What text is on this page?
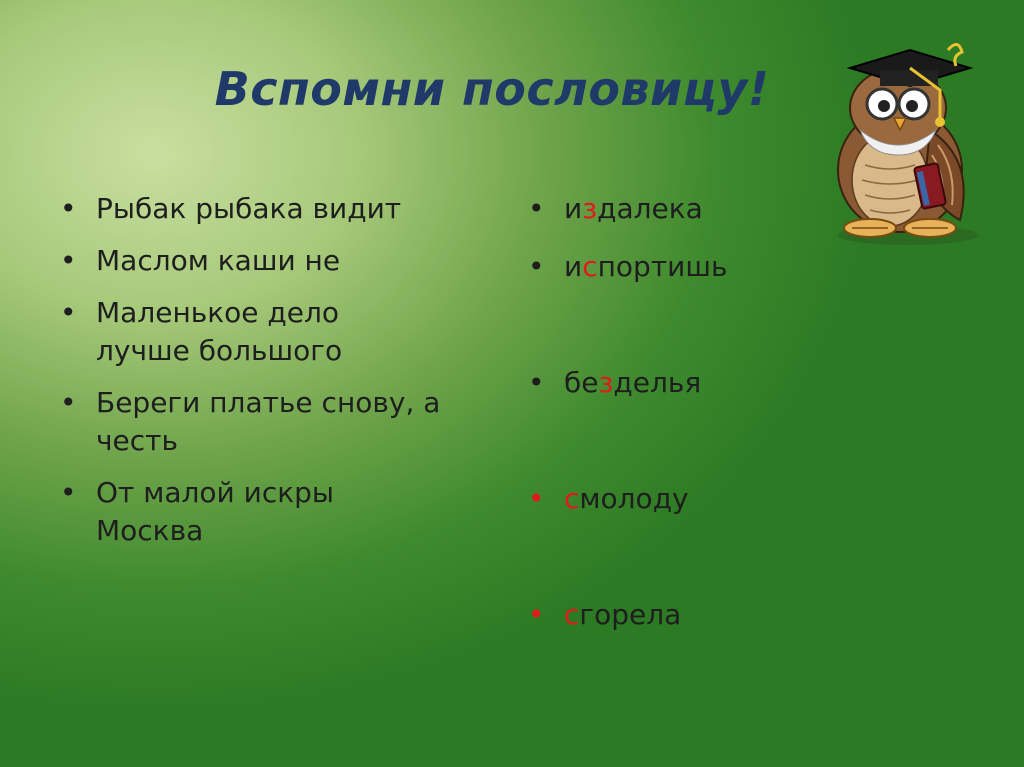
Вспомни пословицу!
• Рыбак рыбака видит
• Маслом каши не
• Маленькое дело лучше большого
• Береги платье снову, а честь
• От малой искры Москва
• издалека
• испортишь
• безделья
• смолоду
• сгорела
